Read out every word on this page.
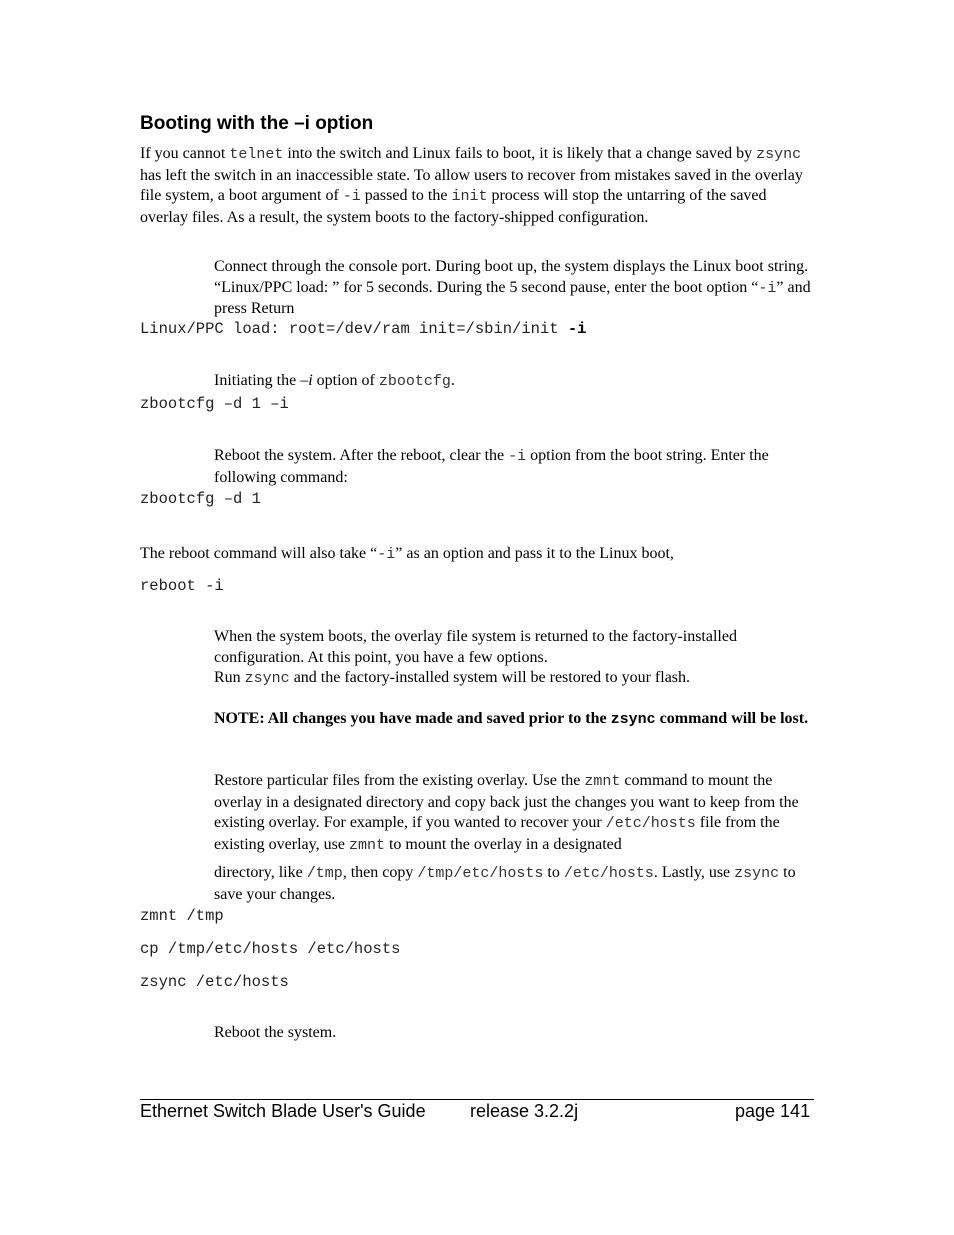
Booting with the –i option

If you cannot telnet into the switch and Linux fails to boot, it is likely that a change saved by zsync has left the switch in an inaccessible state. To allow users to recover from mistakes saved in the overlay file system, a boot argument of -i passed to the init process will stop the untarring of the saved overlay files. As a result, the system boots to the factory-shipped configuration.

Connect through the console port. During boot up, the system displays the Linux boot string. “Linux/PPC load: ” for 5 seconds. During the 5 second pause, enter the boot option “-i” and press Return

Linux/PPC load: root=/dev/ram init=/sbin/init -i

Initiating the –i option of zbootcfg.

zbootcfg –d 1 –i

Reboot the system. After the reboot, clear the -i option from the boot string. Enter the following command:

zbootcfg –d 1

The reboot command will also take “-i” as an option and pass it to the Linux boot,

reboot -i

When the system boots, the overlay file system is returned to the factory-installed configuration. At this point, you have a few options.
Run zsync and the factory-installed system will be restored to your flash.

NOTE: All changes you have made and saved prior to the zsync command will be lost.

Restore particular files from the existing overlay. Use the zmnt command to mount the overlay in a designated directory and copy back just the changes you want to keep from the existing overlay. For example, if you wanted to recover your /etc/hosts file from the existing overlay, use zmnt to mount the overlay in a designated

directory, like /tmp, then copy /tmp/etc/hosts to /etc/hosts. Lastly, use zsync to save your changes.

zmnt /tmp
cp /tmp/etc/hosts /etc/hosts
zsync /etc/hosts

Reboot the system.

Ethernet Switch Blade User's Guide release 3.2.2j	page 141
